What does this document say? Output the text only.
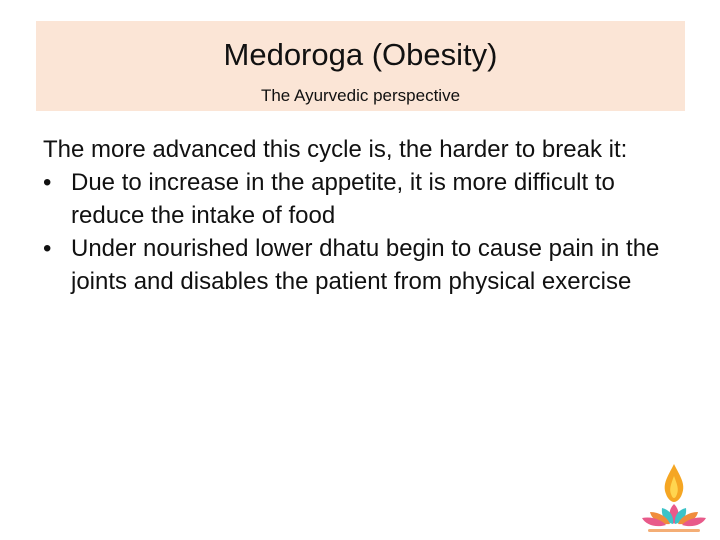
Medoroga (Obesity)
The Ayurvedic perspective

The more advanced this cycle is, the harder to break it:

• Due to increase in the appetite, it is more difficult to reduce the intake of food
• Under nourished lower dhatu begin to cause pain in the joints and disables the patient from physical exercise
